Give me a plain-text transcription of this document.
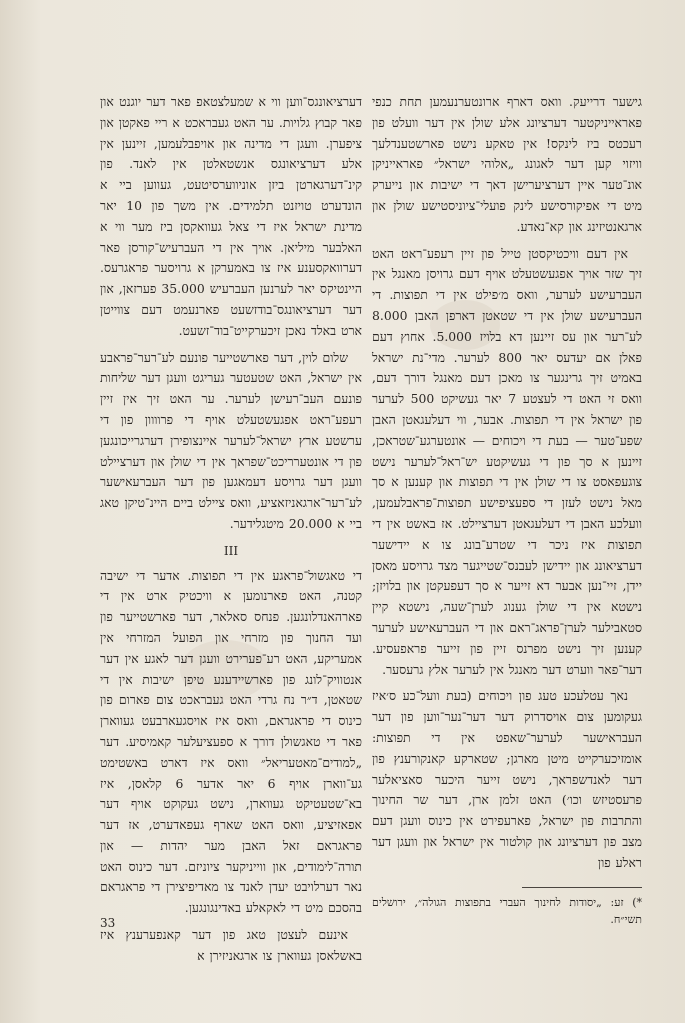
גישער דרייעק. וואס דארף ארונטערנעמען תחת כנפי פאראייניקטער דערציונג אלע שולן אין דער וועלט פון רעכטס ביז לינקס! אין טאקע נישט פארשטענדלעך וויזוי קען דער לאגונג „אלוהי ישראל״ פאראייניקן אונ־טער איין דערציערישן דאך די ישיבות און נייערק מיט די אפיקורסישע לינק פועלי־ציוניסטישע שולן און ארגאנטיזינג און קא־נאדע.

אין דעם וויכטיקסטן טייל פון זיין רעפע־ראט האט זיך שזר אויך אפגעשטעלט אויף דעם גרויסן מאנגל אין העברעישע לערער, וואס מ׳פילט אין די תפוצות. די העברעישע שולן אין די שטאטן דארפן האבן 8.000 לע־רער און עס זיינען דא בלויז 5.000. אחוץ דעם פאלן אם יעדעס יאר 800 לערער. מדי־נת ישראל באמיט זיך גרינגער צו מאכן דעם מאנגל דורך דעם, וואס זי האט די לעצטע 7 יאר געשיקט 500 לערער פון ישראל אין די תפוצות. אבער, ווי דעלעגאטן האבן שפע־טער — בעת די ויכוחים — אונטערגע־שטראכן, זיינען א סך פון די געשיקטע יש־ראל־לערער נישט צוגעפאסט צו די שולן אין די תפוצות און קענען א סך מאל נישט לעזן די ספעציפישע תפוצות־פראבלעמען, וועלכע האבן די דעלעגאטן דערציילט. אז באשט אין די תפוצות איז ניכר די שטרע־בונג צו א יידישער דערציאונג און יידישן לעבנס־שטייגער מצד גרויסע מאסן יידן, זיי־נען אבער דא זייער א סך דעפעקטן און בלויזן; נישטא אין די שולן גענוג לערן־שעה, נישטא קיין סטאבילער לערן־פראג־ראם און די העברעאישע לערער קענען זיך נישט מפרנס זיין פון זייער פראפעסיע. דער־פאר ווערט דער מאנגל אין לערער אלץ גרעסער.

נאך עטלעכע טעג פון ויכוחים (בעת וועל־כע ס׳איז געקומען צום אויסדרוק דער דער־נער־ווען פון דער העבראישער לערער־שאפט אין די תפוצות: אומזיכערקייט מיטן מארגן; שטארקע קאנקורענץ פון דער לאנדשפראך, נישט זייער היכער סאציאלער פרעסטיזש וכו׳) האט זלמן ארן, דער שר החינוך והתרבות פון ישראל, פארעפירט אין כינוס וועגן דעם מצב פון דערציונג און קולטור אין ישראל און וועגן דער ראלע פון

*) זע: „יסודות לחינוך העברי בתפוצות הגולה״, ירושלים תשי״ח.

דערציאונגס־ווען ווי א שמעלצטאפ פאר דער יוגנט און פאר קבוץ גלויות. ער האט געבראכט א ריי פאקטן און ציפערן. וועגן די מדינה און אויפבלעמען, זיינען אין אלע דערציאונגס אנשטאלטן אין לאנד. פון קינ־דערגארטן ביזן אוניווערסיטעט, געווען ביי א הונדערט טויזנט תלמידים. אין משך פון 10 יאר מדינת ישראל איז די צאל געוואקסן ביז מער ווי א האלבער מיליאן. אויך אין די העברעיש־קורסן פאר דערוואקסענע איז צו באמערקן א גרויסער פראגרעס. היינטיקס יאר לערנען העברעיש 35.000 פערזאן, און דער דערציאונגס־בודזשעט פארנעמט דעם צווייטן ארט באלד נאכן זיכערקייט־בוד־זשעט.

שלום לוין, דער פארשטייער פונעם לע־רער־פראבע אין ישראל, האט שטעטער געריגט וועגן דער שליחות פונעם העב־רעישן לערער. ער האט זיך אין זיין רעפע־ראט אפגעשטעלט אויף די פרוווון פון די ערשטע ארץ ישראל־לערער איינצופירן דערגרייכונגען פון די אונטערריכט־שפראך אין די שולן און דערציילט וועגן דער גרויסע דעמאגען פון דער העברעאישער לע־רער־ארגאניזאציע, וואס ציילט ביים היינ־טיקן טאג ביי א 20.000 מיטגלידער.

III

די טאגשול־פראגע אין די תפוצות. אדער די ישיבה קטנה, האט פארנומען א וויכטיק ארט אין די פארהאנדלונגען. פנחס סאלאר, דער פארשטייער פון ועד החנוך פון מזרחי און הפועל המזרחי אין אמעריקע, האט רע־פערירט וועגן דער לאגע אין דער אנטוויק־לונג פון פארשיידענע טיפן ישיבות אין די שטאטן, ד״ר נח גרדי האט געבראכט צום פארום פון כינוס די פראגראם, וואס איז אויסגעארבעט געווארן פאר די טאגשולן דורך א ספעציעלער קאמיסיע. דער „למודים־מאטעריאל״ וואס איז דארט באשטימט גע־ווארן אויף 6 יאר אדער 6 קלאסן, איז בא־שטעטיקט געווארן, נישט געקוקט אויף דער אפאזיציע, וואס האט שארף געפאדערט, אז דער פראגראם זאל האבן מער יהדות — און תורה־לימודים, און ווייניקער ציוניזם. דער כינוס האט נאר דערלויבט יעדן לאנד צו מאדיפיצירן די פראגראם בהסכם מיט די לאקאלע באדינגונגען.

אינעם לעצטן טאג פון דער קאנפערענץ איז באשלאסן געווארן צו ארגאניזירן א

33
